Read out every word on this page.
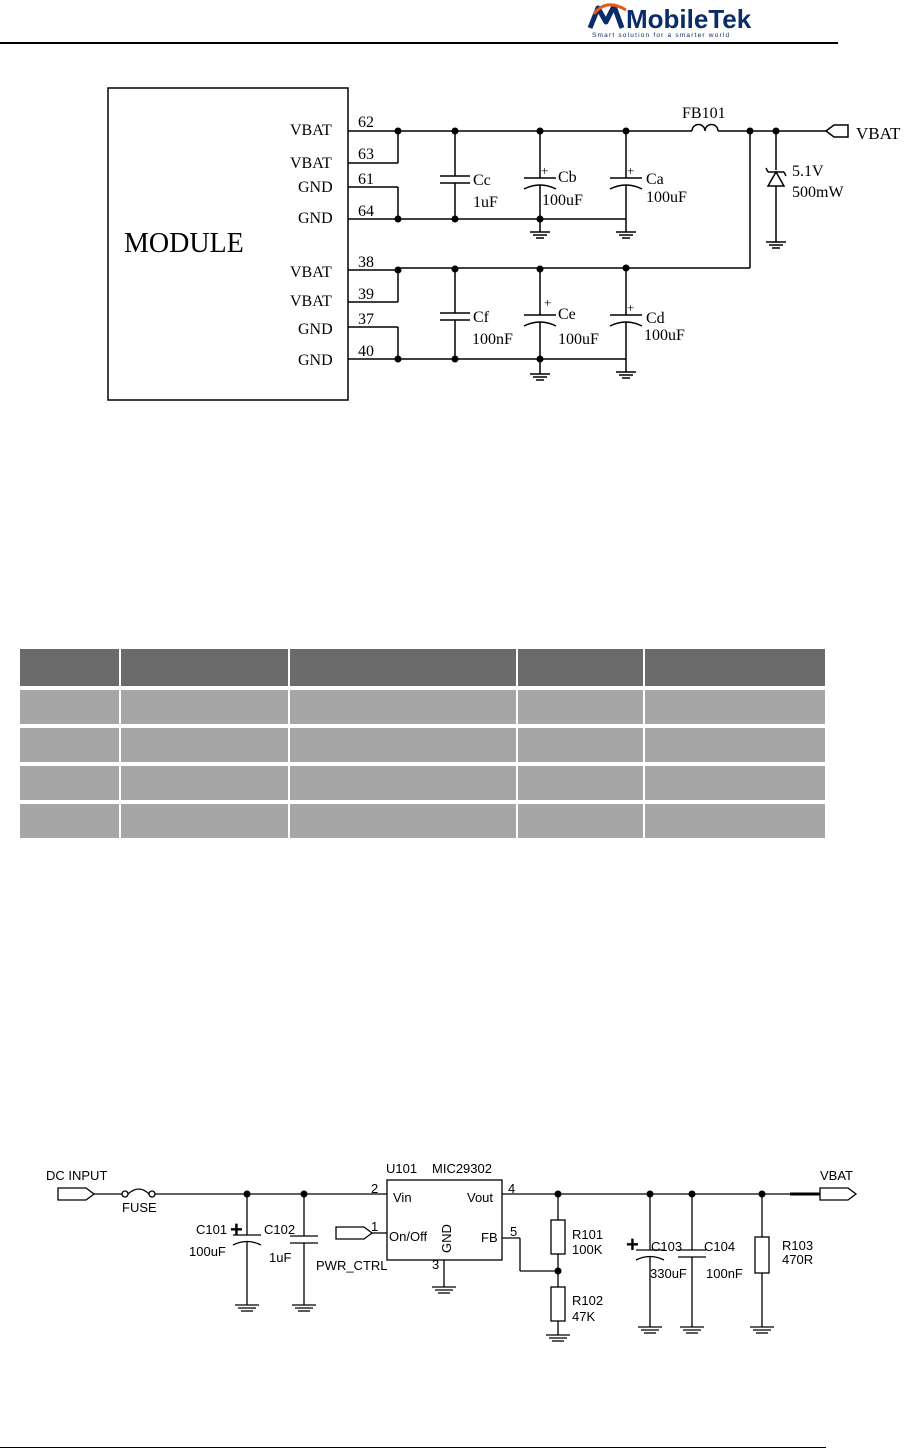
MobileTek
Smart solution for a smarter world
MODULE
VBAT
VBAT
GND
GND
VBAT
VBAT
GND
GND
62
63
61
64
38
39
37
40
FB101
VBAT
5.1V
500mW
Cc
1uF
Cb
100uF
Ca
100uF
Cf
100nF
Ce
100uF
Cd
100uF
+	+
+	+

DC INPUT
FUSE
U101 MIC29302
Vin	Vout
On/Off GND FB
2	4
1	5
3
PWR_CTRL
VBAT
C101
100uF
C102
1uF
R101
100K
R102
47K
C103
330uF
C104
100nF
R103
470R
+
+
